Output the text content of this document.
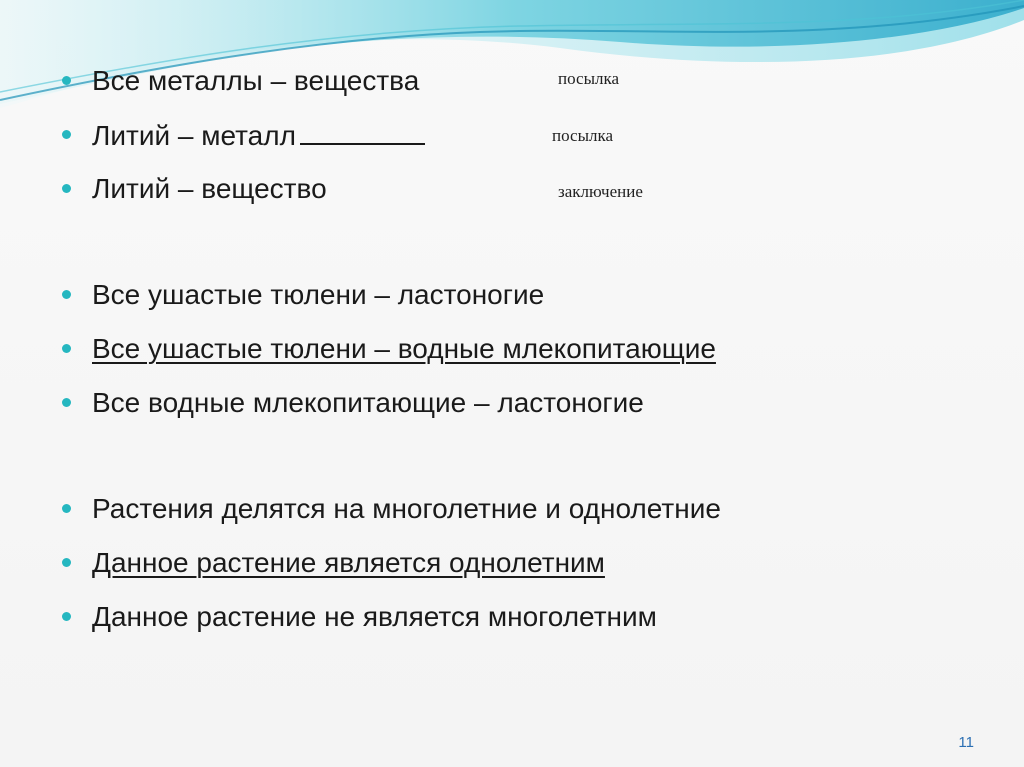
Все металлы – вещества	посылка
Литий – металл	посылка
Литий – вещество	заключение
Все ушастые тюлени – ластоногие
Все ушастые тюлени – водные млекопитающие
Все водные млекопитающие – ластоногие
Растения делятся на многолетние и однолетние
Данное растение является однолетним
Данное растение не является многолетним
11
